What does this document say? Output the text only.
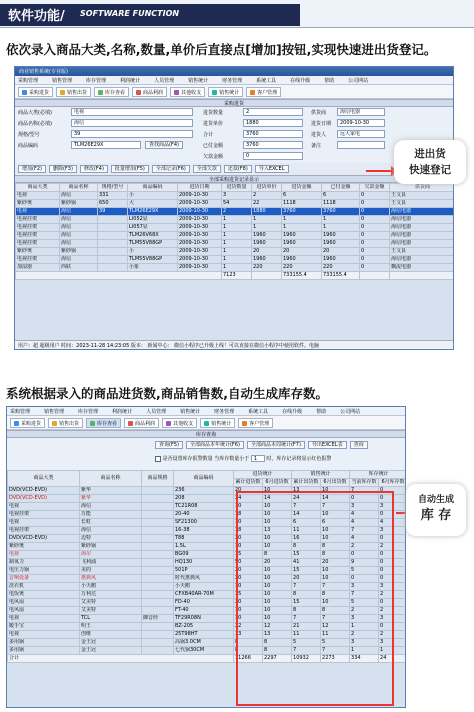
软件功能/ SOFTWARE FUNCTION
依次录入商品大类,名称,数量,单价后直接点[增加]按钮,实现快速进出货登记。
商业销售系统(专业版)
采购管理	销售管理	库存管理	利润统计	人员管理	销售统计	财务管理	系统工具	在线升级	帮助	公司网站
采购进货	销售出货	库存查看	商品利润	其他收支	销售统计	客户管理
采购进货
商品大类(必填)	电视
商品名称(必填)	海信
规格/型号	39
商品编码	TLM26E29X	查找商品(F4)
进货数量	2
进货单价	1880
合计	3760
已付金额	3760
欠款金额	0
供货商	海信电器
进货日期	2009-10-30
进货人	远大家电
备注
增加(F2) 删除(F3) 修改(F4) 批量增加(F5) 全部记录(F6) 全部欠款 还款(F8) 导入EXCEL
全部采购进货记录显示
商品大类	商品名称	规格/型号	商品编码	进货日期	进货数量	进货单价	进货金额	已付金额	欠款金额	供货商
电视	海信	331	小	2009-10-30	3	2	6	6	0	王文良
紫砂煲	紫砂锅	650	大	2009-10-30	54	22	1118	1118	0	王文良
电视	海信	39	TLM26E29X	2009-10-30	2	1880	3760	3760	0	海信电器
电视挂架	海信		LI052显	2009-10-30	1	1	1	1	0	海信电器
电视挂架	海信		LI057显	2009-10-30	1	1	1	1	0	海信电器
电视挂架	海信		TLM26V68X	2009-10-30	1	1960	1960	1960	0	海信电器
电视挂架	海信		TLM55V88GP	2009-10-30	1	1960	1960	1960	0	海信电器
紫砂煲	紫砂锅		小	2009-10-30	1	20	20	20	0	王文良
电视挂架	海信		TLM55V88GP	2009-10-30	1	1960	1960	1960	0	海信电器
加湿器	西联		小象	2009-10-30	1	220	220	220	0	飘流电器
					7123		733155.4	733155.4		
用户：超 超级用户 时间：2023-11-28 14:23:05 版本： 新闻中心： 微信小程序已升级上线！可以直接在微信小程序中使用软件。电脑
进出货
快速登记
系统根据录入的商品进货数,商品销售数,自动生成库存数。
采购管理	销售管理	库存管理	利润统计	人员管理	销售统计	财务管理	系统工具	在线升级	帮助	公司网站
采购进货	销售出货	库存查看	商品利润	其他收支	销售统计	客户管理
库存查询
查询(F5) 全部商品本年统计(F6) 全部商品本周统计(F7) 导出EXCEL表 查询
是否设置库存报警数量 当库存数量小于 1 时，库存记录将显示红色报警
商品大类	商品名称	商品规格	商品编码	进货统计		销售统计		库存统计	
				累计进货数	6月进货数	累计出货数	6月出货数	当前库存数	6月库存数
DVD(VCD-EVD)	紫华		236	20	10	13	10	7	0
DVD(VCD-EVD)	紫华		208	24	14	24	14	0	0
电视	海信		TC21R08	10	10	7	7	3	3
电视挂架	万能		20-40	18	10	14	10	4	0
电视	长虹		SF21300	10	10	6	6	4	4
电视挂架	海信		16-38	18	13	11	10	7	3
DVD(VCD-EVD)	迈特		T88	20	10	16	10	4	0
紫砂煲	紫砂锅		1.5L	10	10	8	8	2	2
电视	海尔		BG09	15	8	15	8	0	0
制氧力	飞利浦		HQ130	50	20	41	20	9	0
电压力锅	美的		501P	20	10	15	10	5	0
音响设备	惠典风		时代惠典风	20	10	20	10	0	0
洗衣机	小天鹅		小天鹅	10	10	7	7	3	3
电饭煲	万利达		CFXB40AR-70M	15	10	8	8	7	2
电风扇	艾美特		FD-40	20	10	15	10	5	0
电风扇	艾美特		FT-40	10	10	8	8	2	2
电视	TCL	御音经	TF29R08N	10	10	7	7	3	3
暖手宝	明王		BZ-205	22	12	21	12	1	0
电视	创维		25T98HT	13	13	11	11	2	2
多用锅	金王冠		高锅3.0CM	8	8	5	5	3	3
多用锅	金王冠		七代锅30CM	8	8	7	7	1	1
合计				11266	2297	10932	2273	334	24
自动生成
库 存
